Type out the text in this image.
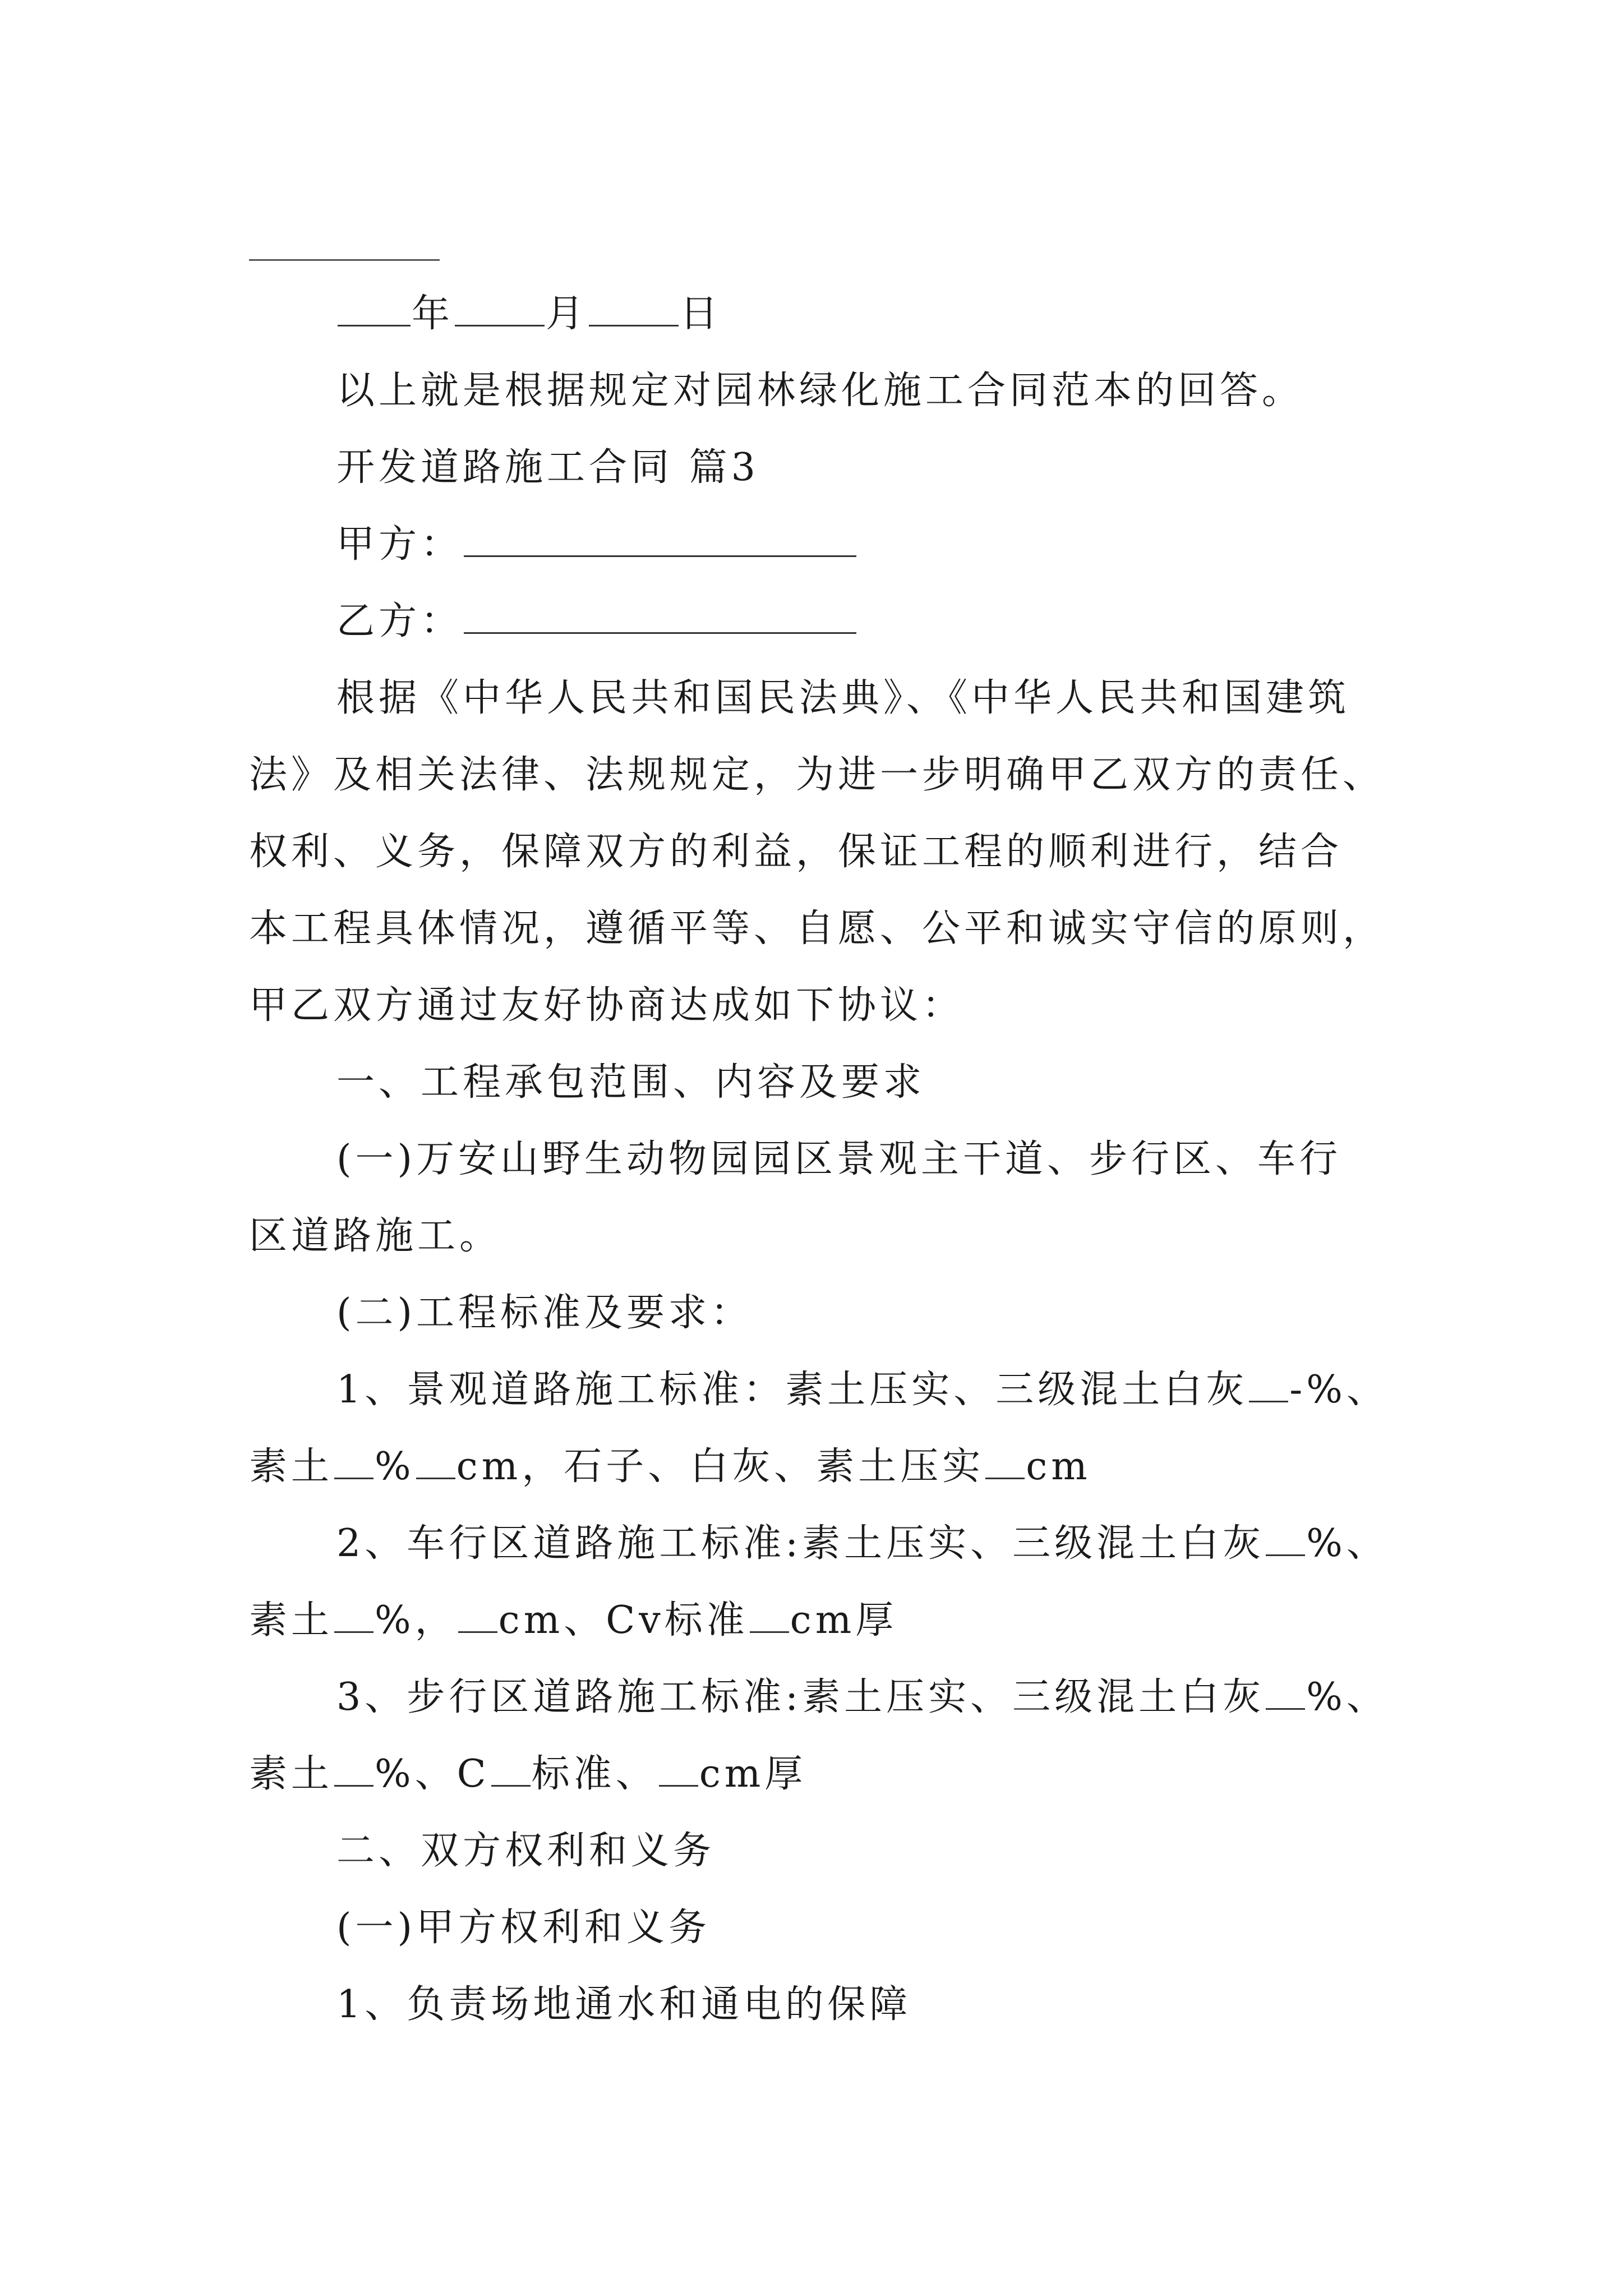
年 月 日
以上就是根据规定对园林绿化施工合同范本的回答。
开发道路施工合同 篇3
甲方：
乙方：
根据《中华人民共和国民法典》、《中华人民共和国建筑
法》及相关法律、法规规定，为进一步明确甲乙双方的责任、
权利、义务，保障双方的利益，保证工程的顺利进行，结合
本工程具体情况，遵循平等、自愿、公平和诚实守信的原则，
甲乙双方通过友好协商达成如下协议：
一、工程承包范围、内容及要求
(一)万安山野生动物园园区景观主干道、步行区、车行
区道路施工。
(二)工程标准及要求：
1、景观道路施工标准：素土压实、三级混土白灰 -%、
素土 % cm，石子、白灰、素土压实 cm
2、车行区道路施工标准:素土压实、三级混土白灰 %、
素土 %， cm、Cv标准 cm厚
3、步行区道路施工标准:素土压实、三级混土白灰 %、
素土 %、C 标准、 cm厚
二、双方权利和义务
(一)甲方权利和义务
1、负责场地通水和通电的保障
